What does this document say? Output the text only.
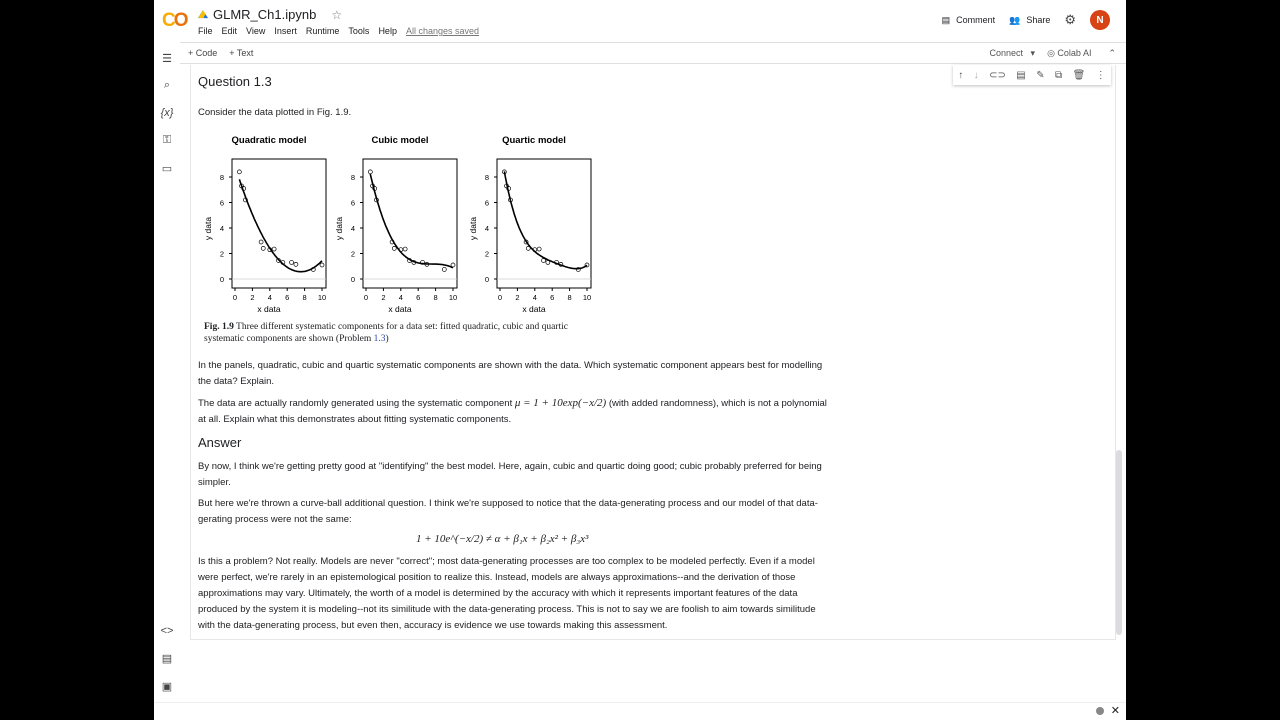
CO GLMR_Ch1.ipynb ☆
File Edit View Insert Runtime Tools Help All changes saved
▤ Comment 👥 Share ⚙	N
+ Code + Text	Connect   ▾ ◎ Colab AI ⌃
☰
⌕
{x}
⚿
▭
<>
▤
▣
↑ ↓ ⊂⊃ ▤ ✎ ⧉ 🗑 ⋮
Question 1.3
Consider the data plotted in Fig. 1.9.
Quadratic model
0 2 4 6 8 10
0
2
4
6
8
x data
y data
Cubic model
0 2 4 6 8 10
0
2
4
6
8
x data
y data
Quartic model
0 2 4 6 8 10
0
2
4
6
8
x data
y data
Fig. 1.9 Three different systematic components for a data set: fitted quadratic, cubic and quartic systematic components are shown (Problem 1.3)
In the panels, quadratic, cubic and quartic systematic components are shown with the data. Which systematic component appears best for modelling the data? Explain.
The data are actually randomly generated using the systematic component μ = 1 + 10exp(−x/2) (with added randomness), which is not a polynomial at all. Explain what this demonstrates about fitting systematic components.
Answer
By now, I think we're getting pretty good at "identifying" the best model. Here, again, cubic and quartic doing good; cubic probably preferred for being simpler.
But here we're thrown a curve-ball additional question. I think we're supposed to notice that the data-generating process and our model of that data-gerating process were not the same:
1 + 10e^(−x/2) ≠ α + β₁x + β₂x² + β₃x³
Is this a problem? Not really. Models are never "correct"; most data-generating processes are too complex to be modeled perfectly. Even if a model were perfect, we're rarely in an epistemological position to realize this. Instead, models are always approximations--and the derivation of those approximations may vary. Ultimately, the worth of a model is determined by the accuracy with which it represents important features of the data produced by the system it is modeling--not its similitude with the data-generating process. This is not to say we are foolish to aim towards similitude with the data-generating process, but even then, accuracy is evidence we use towards making this assessment.
✕
